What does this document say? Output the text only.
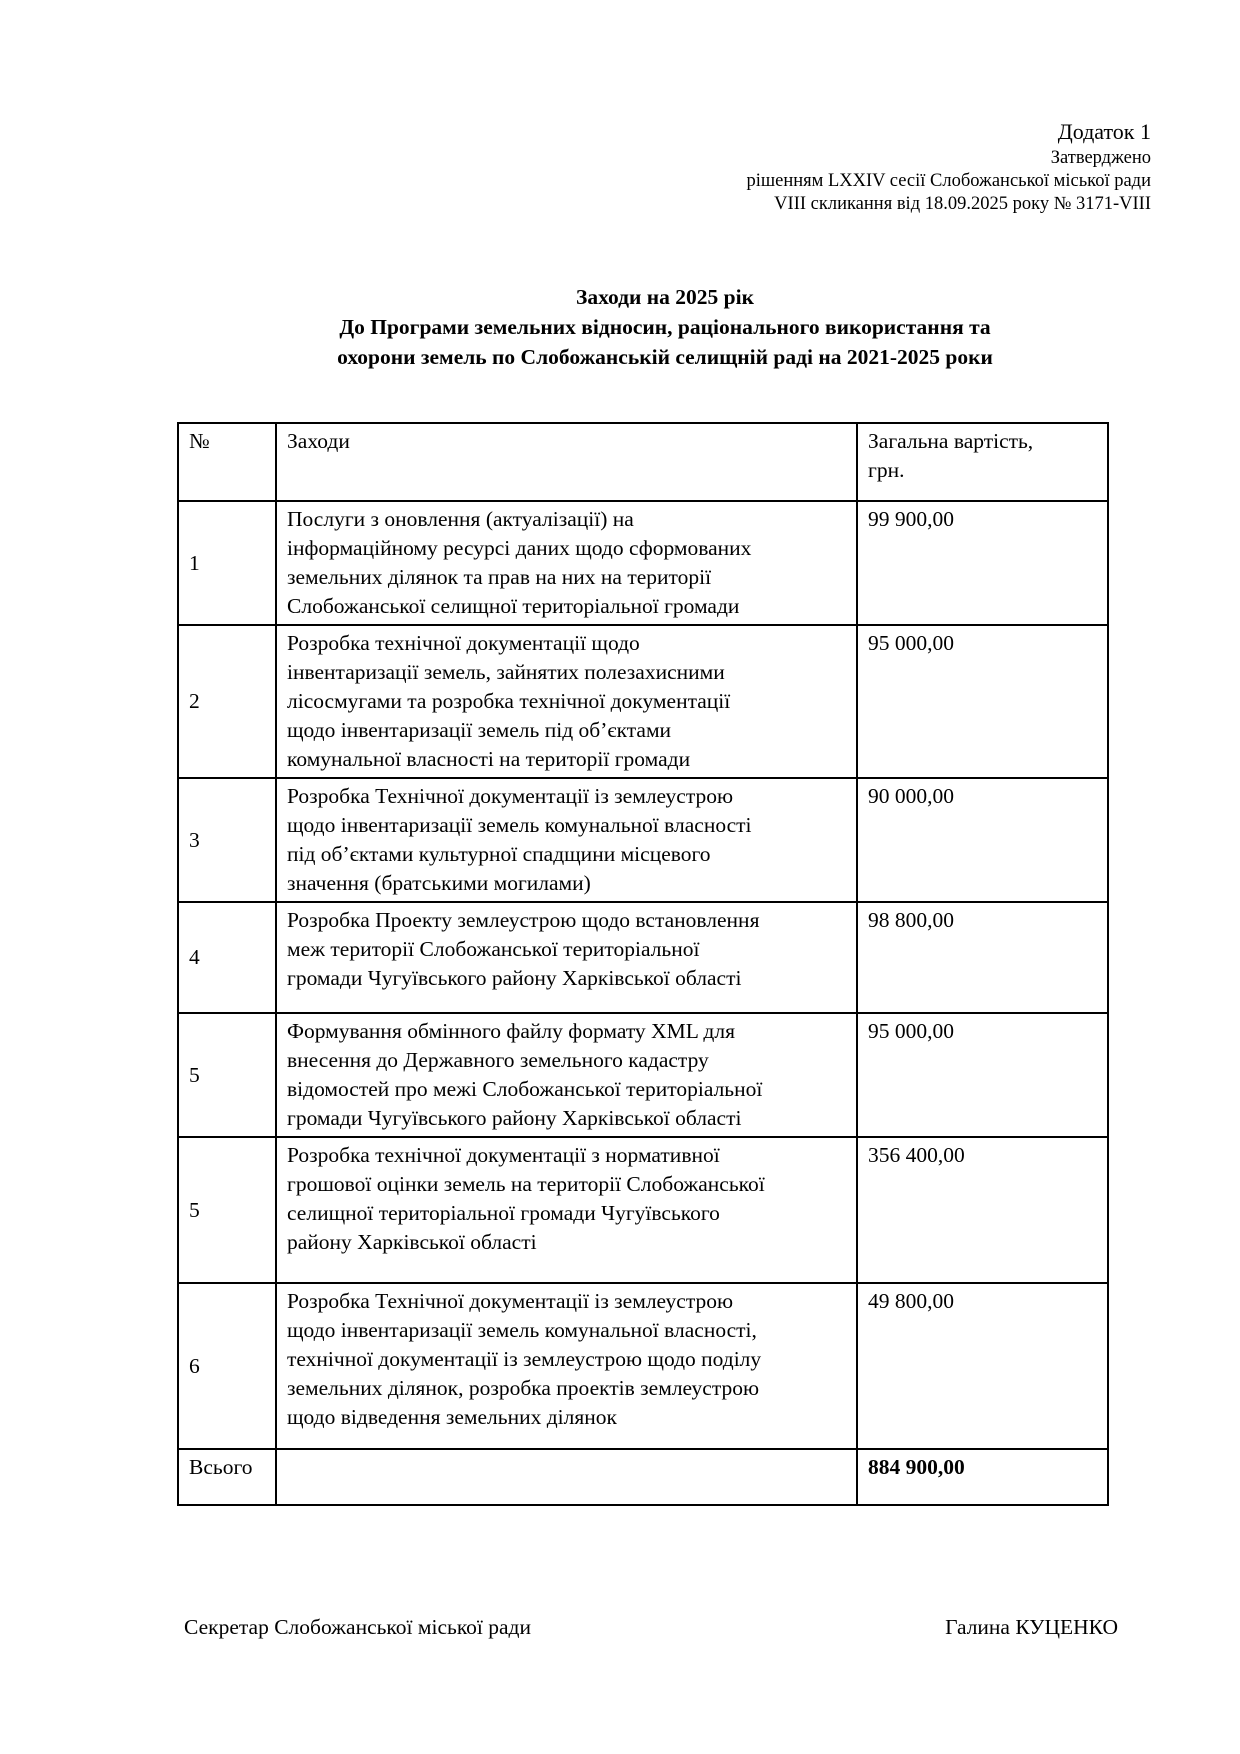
Додаток 1
Затверджено
рішенням LXXIV сесії Слобожанської міської ради
VIII скликання від 18.09.2025 року № 3171-VIII
Заходи на 2025 рік
До Програми земельних відносин, раціонального використання та
охорони земель по Слобожанській селищній раді на 2021-2025 роки
№	Заходи	Загальна вартість,
грн.

1	Послуги з оновлення (актуалізації) на
інформаційному ресурсі даних щодо сформованих
земельних ділянок та прав на них на території
Слобожанської селищної територіальної громади	99 900,00
2	Розробка технічної документації щодо
інвентаризації земель, зайнятих полезахисними
лісосмугами та розробка технічної документації
щодо інвентаризації земель під об’єктами
комунальної власності на території громади	95 000,00
3	Розробка Технічної документації із землеустрою
щодо інвентаризації земель комунальної власності
під об’єктами культурної спадщини місцевого
значення (братськими могилами)	90 000,00
4	Розробка Проекту землеустрою щодо встановлення
меж території Слобожанської територіальної
громади Чугуївського району Харківської області	98 800,00
5	Формування обмінного файлу формату XML для
внесення до Державного земельного кадастру
відомостей про межі Слобожанської територіальної
громади Чугуївського району Харківської області	95 000,00
5	Розробка технічної документації з нормативної
грошової оцінки земель на території Слобожанської
селищної територіальної громади Чугуївського
району Харківської області	356 400,00
6	Розробка Технічної документації із землеустрою
щодо інвентаризації земель комунальної власності,
технічної документації із землеустрою щодо поділу
земельних ділянок, розробка проектів землеустрою
щодо відведення земельних ділянок	49 800,00
Всього		884 900,00
Секретар Слобожанської міської ради	Галина КУЦЕНКО
